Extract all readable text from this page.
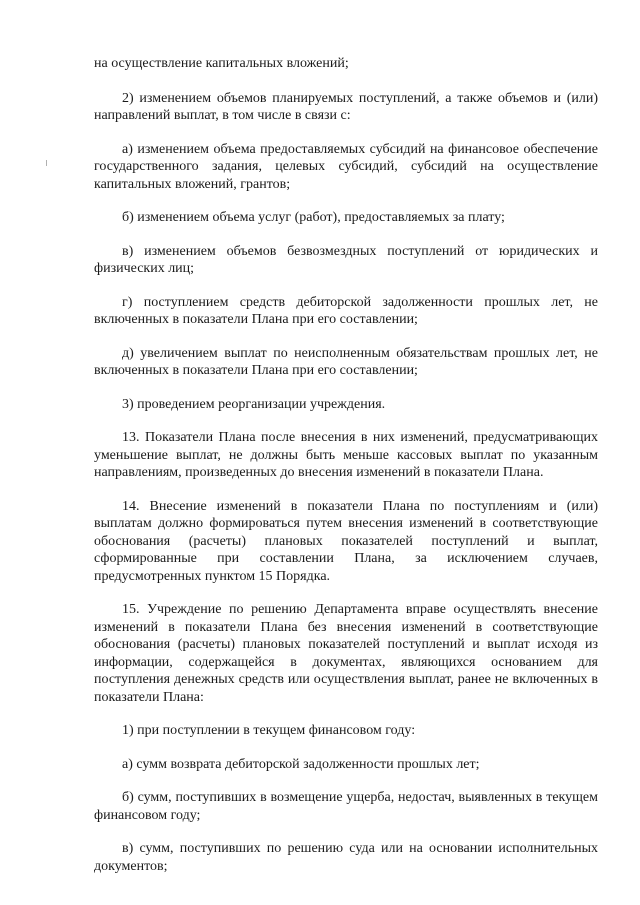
на осуществление капитальных вложений;

2) изменением объемов планируемых поступлений, а также объемов и (или) направлений выплат, в том числе в связи с:

а) изменением объема предоставляемых субсидий на финансовое обеспечение государственного задания, целевых субсидий, субсидий на осуществление капитальных вложений, грантов;

б) изменением объема услуг (работ), предоставляемых за плату;

в) изменением объемов безвозмездных поступлений от юридических и физических лиц;

г) поступлением средств дебиторской задолженности прошлых лет, не включенных в показатели Плана при его составлении;

д) увеличением выплат по неисполненным обязательствам прошлых лет, не включенных в показатели Плана при его составлении;

3) проведением реорганизации учреждения.

13. Показатели Плана после внесения в них изменений, предусматривающих уменьшение выплат, не должны быть меньше кассовых выплат по указанным направлениям, произведенных до внесения изменений в показатели Плана.

14. Внесение изменений в показатели Плана по поступлениям и (или) выплатам должно формироваться путем внесения изменений в соответствующие обоснования (расчеты) плановых показателей поступлений и выплат, сформированные при составлении Плана, за исключением случаев, предусмотренных пунктом 15 Порядка.

15. Учреждение по решению Департамента вправе осуществлять внесение изменений в показатели Плана без внесения изменений в соответствующие обоснования (расчеты) плановых показателей поступлений и выплат исходя из информации, содержащейся в документах, являющихся основанием для поступления денежных средств или осуществления выплат, ранее не включенных в показатели Плана:

1) при поступлении в текущем финансовом году:

а) сумм возврата дебиторской задолженности прошлых лет;

б) сумм, поступивших в возмещение ущерба, недостач, выявленных в текущем финансовом году;

в) сумм, поступивших по решению суда или на основании исполнительных документов;
